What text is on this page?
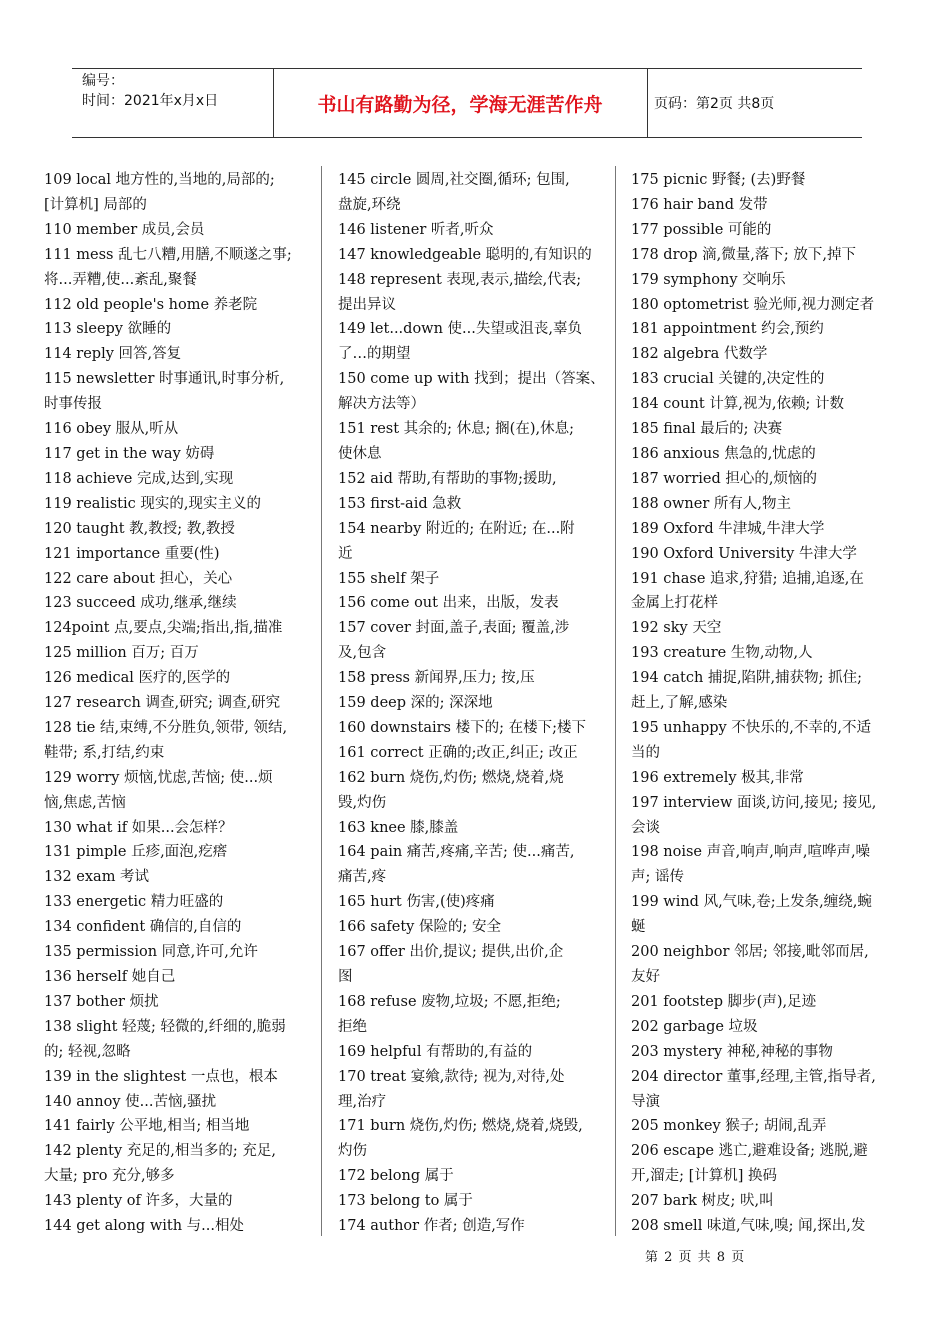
编号：
时间：2021年x月x日	书山有路勤为径，学海无涯苦作舟	页码：第2页 共8页
109 local 地方性的,当地的,局部的;
[计算机] 局部的
110 member 成员,会员
111 mess 乱七八糟,用膳,不顺遂之事;
将...弄糟,使...紊乱,聚餐
112 old people's home 养老院
113 sleepy 欲睡的
114 reply 回答,答复
115 newsletter 时事通讯,时事分析,
时事传报
116 obey 服从,听从
117 get in the way 妨碍
118 achieve 完成,达到,实现
119 realistic 现实的,现实主义的
120 taught 教,教授; 教,教授
121 importance 重要(性)
122 care about 担心，关心
123 succeed 成功,继承,继续
124point 点,要点,尖端;指出,指,描准
125 million 百万; 百万
126 medical 医疗的,医学的
127 research 调查,研究; 调查,研究
128 tie 结,束缚,不分胜负,领带, 领结,
鞋带; 系,打结,约束
129 worry 烦恼,忧虑,苦恼; 使...烦
恼,焦虑,苦恼
130 what if 如果...会怎样？
131 pimple 丘疹,面泡,疙瘩
132 exam 考试
133 energetic 精力旺盛的
134 confident 确信的,自信的
135 permission 同意,许可,允许
136 herself 她自己
137 bother 烦扰
138 slight 轻蔑; 轻微的,纤细的,脆弱
的; 轻视,忽略
139 in the slightest 一点也，根本
140 annoy 使...苦恼,骚扰
141 fairly 公平地,相当; 相当地
142 plenty 充足的,相当多的; 充足,
大量; pro 充分,够多
143 plenty of 许多，大量的
144 get along with 与...相处
145 circle 圆周,社交圈,循环; 包围,
盘旋,环绕
146 listener 听者,听众
147 knowledgeable 聪明的,有知识的
148 represent 表现,表示,描绘,代表;
提出异议
149 let...down 使...失望或沮丧,辜负
了…的期望
150 come up with 找到；提出（答案、
解决方法等）
151 rest 其余的; 休息; 搁(在),休息;
使休息
152 aid 帮助,有帮助的事物;援助,
153 first-aid 急救
154 nearby 附近的; 在附近; 在...附
近
155 shelf 架子
156 come out 出来，出版，发表
157 cover 封面,盖子,表面; 覆盖,涉
及,包含
158 press 新闻界,压力; 按,压
159 deep 深的; 深深地
160 downstairs 楼下的; 在楼下;楼下
161 correct 正确的;改正,纠正; 改正
162 burn 烧伤,灼伤; 燃烧,烧着,烧
毁,灼伤
163 knee 膝,膝盖
164 pain 痛苦,疼痛,辛苦; 使...痛苦,
痛苦,疼
165 hurt 伤害,(使)疼痛
166 safety 保险的; 安全
167 offer 出价,提议; 提供,出价,企
图
168 refuse 废物,垃圾; 不愿,拒绝;
拒绝
169 helpful 有帮助的,有益的
170 treat 宴飨,款待; 视为,对待,处
理,治疗
171 burn 烧伤,灼伤; 燃烧,烧着,烧毁,
灼伤
172 belong 属于
173 belong to 属于
174 author 作者; 创造,写作
175 picnic 野餐; (去)野餐
176 hair band 发带
177 possible 可能的
178 drop 滴,微量,落下; 放下,掉下
179 symphony 交响乐
180 optometrist 验光师,视力测定者
181 appointment 约会,预约
182 algebra 代数学
183 crucial 关键的,决定性的
184 count 计算,视为,依赖; 计数
185 final 最后的; 决赛
186 anxious 焦急的,忧虑的
187 worried 担心的,烦恼的
188 owner 所有人,物主
189 Oxford 牛津城,牛津大学
190 Oxford University 牛津大学
191 chase 追求,狩猎; 追捕,追逐,在
金属上打花样
192 sky 天空
193 creature 生物,动物,人
194 catch 捕捉,陷阱,捕获物; 抓住;
赶上,了解,感染
195 unhappy 不快乐的,不幸的,不适
当的
196 extremely 极其,非常
197 interview 面谈,访问,接见; 接见,
会谈
198 noise 声音,响声,响声,喧哗声,噪
声; 谣传
199 wind 风,气味,卷;上发条,缠绕,蜿
蜒
200 neighbor 邻居; 邻接,毗邻而居,
友好
201 footstep 脚步(声),足迹
202 garbage 垃圾
203 mystery 神秘,神秘的事物
204 director 董事,经理,主管,指导者,
导演
205 monkey 猴子; 胡闹,乱弄
206 escape 逃亡,避难设备; 逃脱,避
开,溜走; [计算机] 换码
207 bark 树皮; 吠,叫
208 smell 味道,气味,嗅; 闻,探出,发
第 2 页 共 8 页
